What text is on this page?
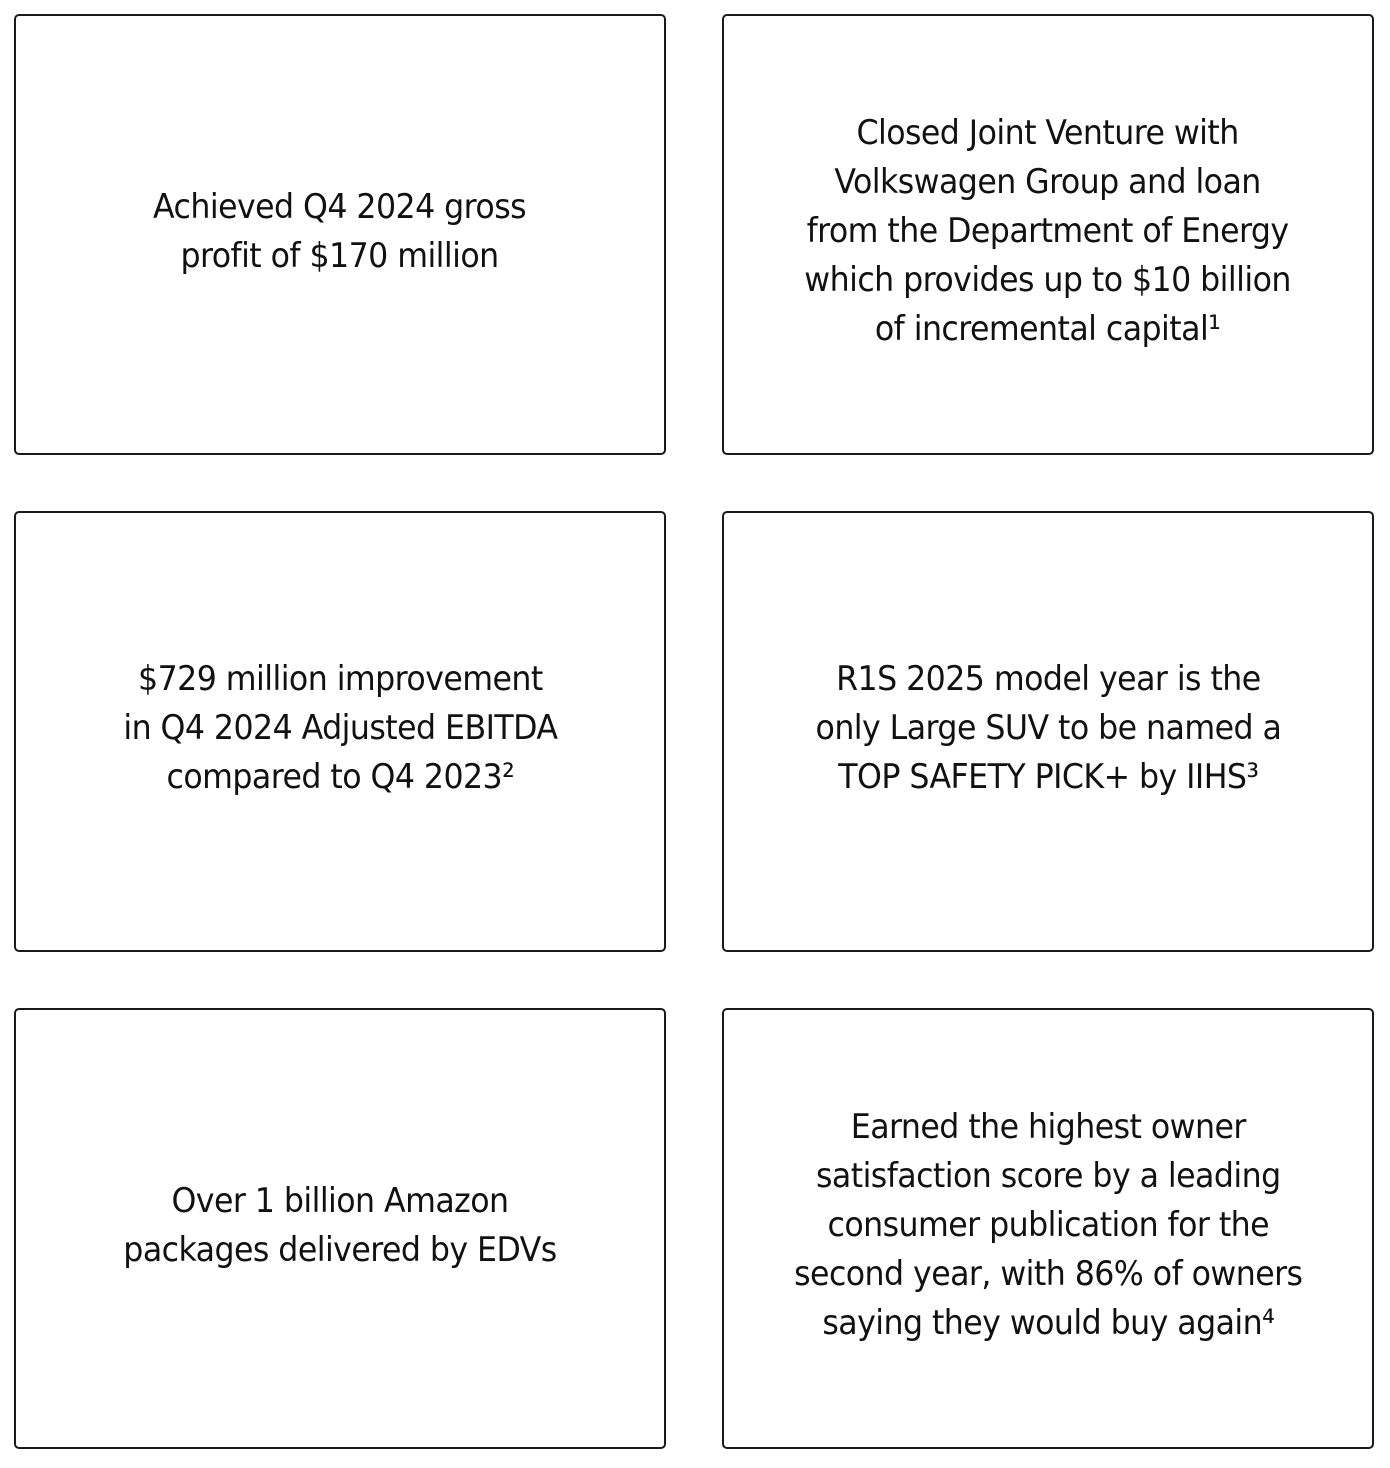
Achieved Q4 2024 gross
profit of $170 million

Closed Joint Venture with
Volkswagen Group and loan
from the Department of Energy
which provides up to $10 billion
of incremental capital¹

$729 million improvement
in Q4 2024 Adjusted EBITDA
compared to Q4 2023²

R1S 2025 model year is the
only Large SUV to be named a
TOP SAFETY PICK+ by IIHS³

Over 1 billion Amazon
packages delivered by EDVs

Earned the highest owner
satisfaction score by a leading
consumer publication for the
second year, with 86% of owners
saying they would buy again⁴
